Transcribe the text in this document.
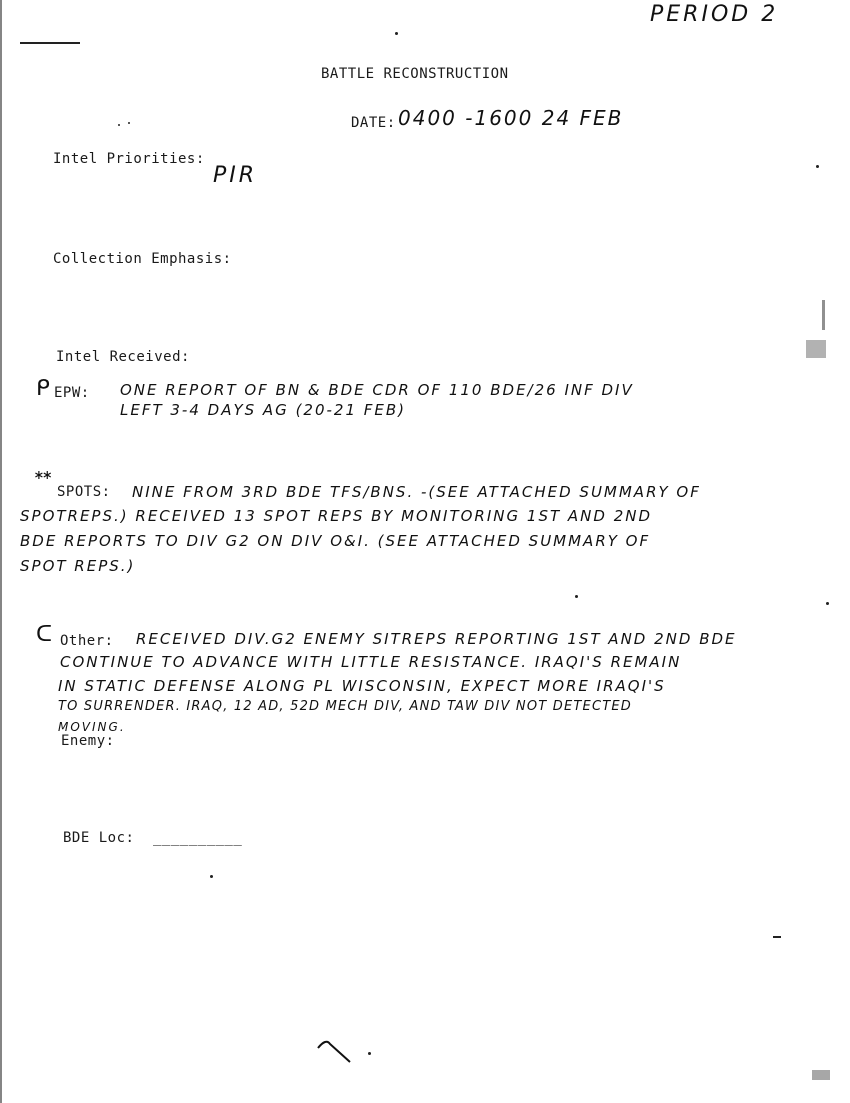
PERIOD 2
BATTLE RECONSTRUCTION
DATE: 0400 -1600 24 FEB
Intel Priorities:
PIR
Collection Emphasis:
Intel Received:
ᑭ EPW: ONE REPORT OF BN & BDE CDR OF 110 BDE/26 INF DIV
LEFT 3-4 DAYS AG (20-21 FEB)
ᕯ SPOTS: NINE FROM 3RD BDE TFS/BNS. -(SEE ATTACHED SUMMARY OF
SPOTREPS.) RECEIVED 13 SPOT REPS BY MONITORING 1ST AND 2ND
BDE REPORTS TO DIV G2 ON DIV O&I. (SEE ATTACHED SUMMARY OF
SPOT REPS.)
ᑕ Other: RECEIVED DIV.G2 ENEMY SITREPS REPORTING 1ST AND 2ND BDE
CONTINUE TO ADVANCE WITH LITTLE RESISTANCE. IRAQI'S REMAIN
IN STATIC DEFENSE ALONG PL WISCONSIN, EXPECT MORE IRAQI'S
TO SURRENDER. IRAQ, 12 AD, 52D MECH DIV, AND TAW DIV NOT DETECTED
MOVING.
Enemy:
BDE Loc: __________
